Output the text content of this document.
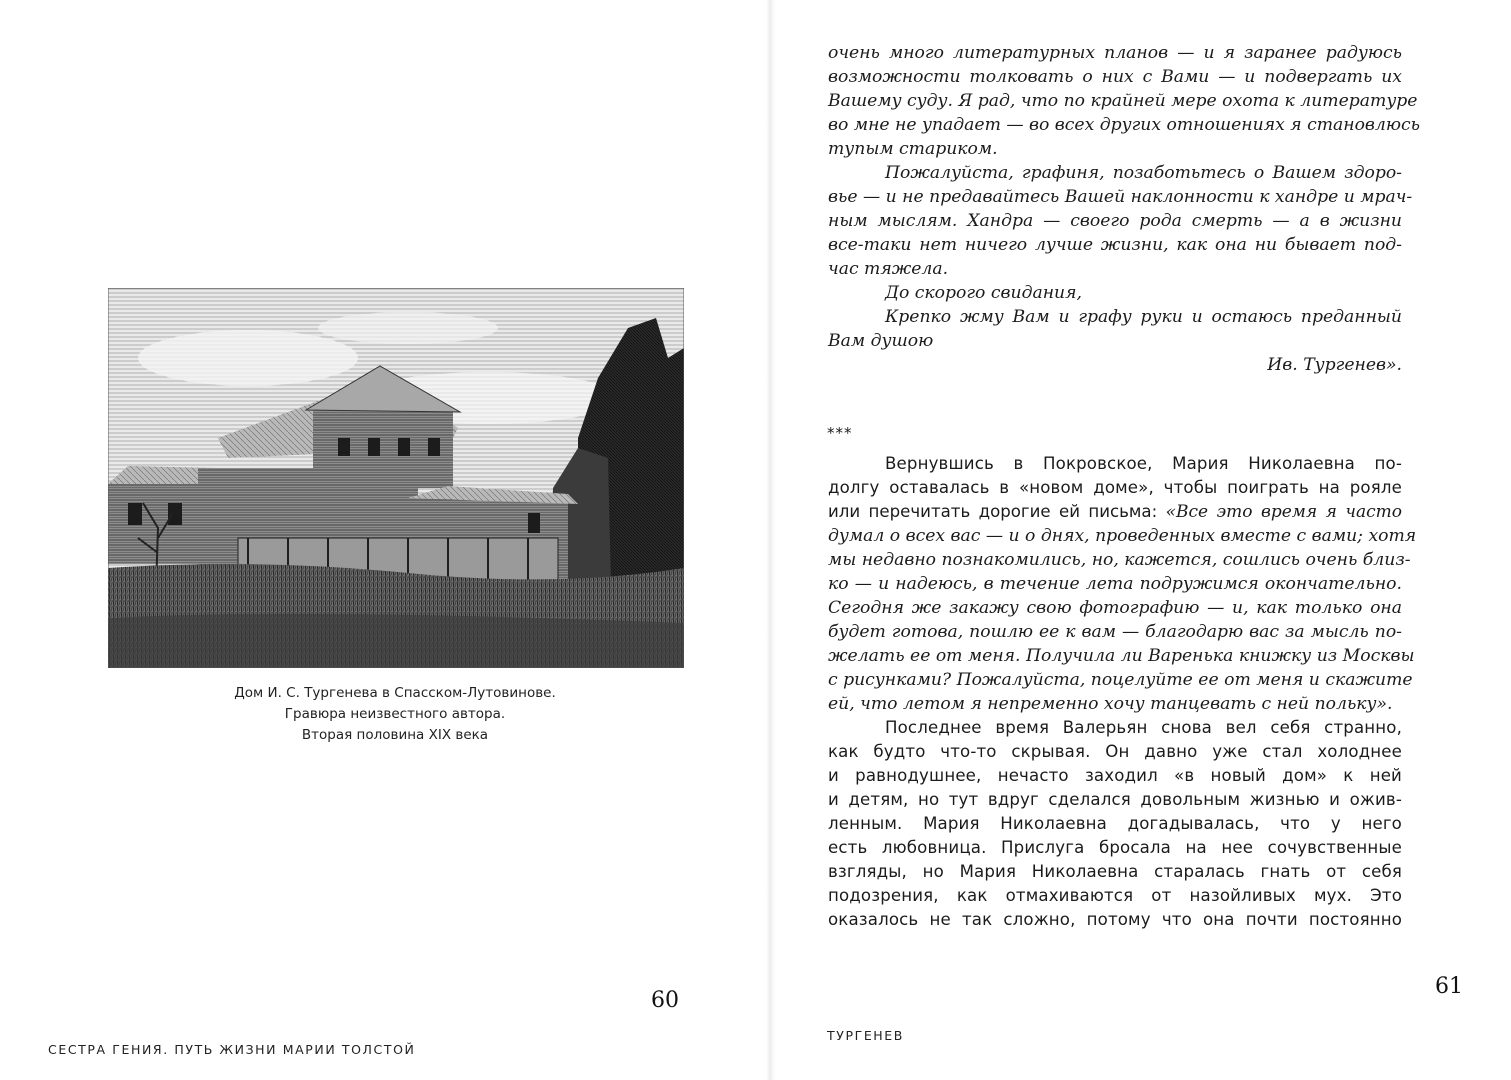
Дом И. С. Тургенева в Спасском-Лутовинове.
Гравюра неизвестного автора.
Вторая половина XIX века
60
СЕСТРА ГЕНИЯ. ПУТЬ ЖИЗНИ МАРИИ ТОЛСТОЙ
очень много литературных планов — и я заранее радуюсь
возможности толковать о них с Вами — и подвергать их
Вашему суду. Я рад, что по крайней мере охота к литературе
во мне не упадает — во всех других отношениях я становлюсь
тупым стариком.
Пожалуйста, графиня, позаботьтесь о Вашем здоро-
вье — и не предавайтесь Вашей наклонности к хандре и мрач-
ным мыслям. Хандра — своего рода смерть — а в жизни
все-таки нет ничего лучше жизни, как она ни бывает под-
час тяжела.
До скорого свидания,
Крепко жму Вам и графу руки и остаюсь преданный
Вам душою
Ив. Тургенев».
***
Вернувшись в Покровское, Мария Николаевна по-
долгу оставалась в «новом доме», чтобы поиграть на рояле
или перечитать дорогие ей письма: «Все это время я часто
думал о всех вас — и о днях, проведенных вместе с вами; хотя
мы недавно познакомились, но, кажется, сошлись очень близ-
ко — и надеюсь, в течение лета подружимся окончательно.
Сегодня же закажу свою фотографию — и, как только она
будет готова, пошлю ее к вам — благодарю вас за мысль по-
желать ее от меня. Получила ли Варенька книжку из Москвы
с рисунками? Пожалуйста, поцелуйте ее от меня и скажите
ей, что летом я непременно хочу танцевать с ней польку».
Последнее время Валерьян снова вел себя странно,
как будто что-то скрывая. Он давно уже стал холоднее
и равнодушнее, нечасто заходил «в новый дом» к ней
и детям, но тут вдруг сделался довольным жизнью и ожив-
ленным. Мария Николаевна догадывалась, что у него
есть любовница. Прислуга бросала на нее сочувственные
взгляды, но Мария Николаевна старалась гнать от себя
подозрения, как отмахиваются от назойливых мух. Это
оказалось не так сложно, потому что она почти постоянно
61
ТУРГЕНЕВ
